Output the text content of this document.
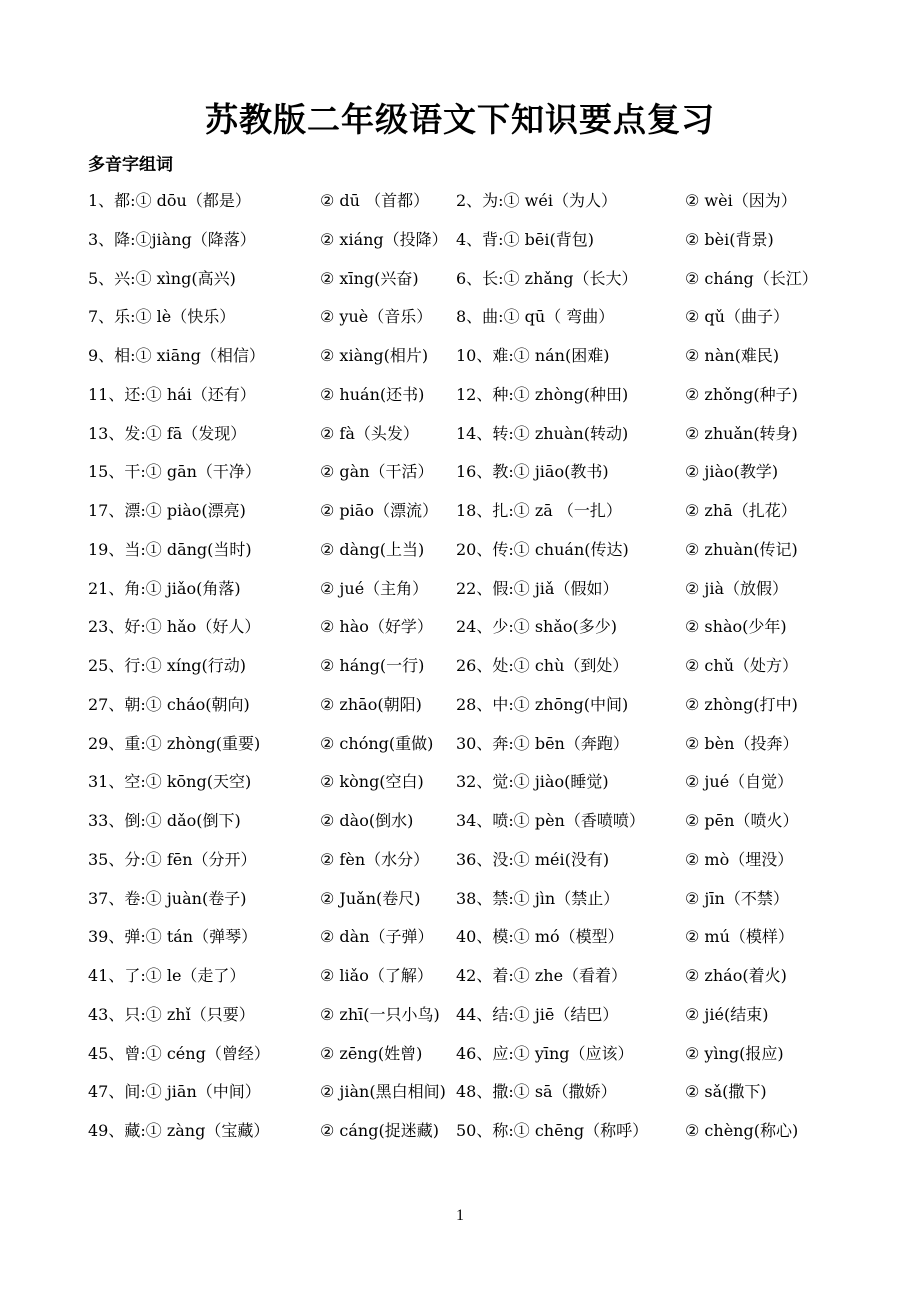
苏教版二年级语文下知识要点复习
多音字组词
1、都:① dōu（都是）	② dū （首都） 2、为:① wéi（为人）	② wèi（因为）
3、降:①jiàng（降落）	② xiáng（投降） 4、背:① bēi(背包)	② bèi(背景)
5、兴:① xìng(高兴)	② xīng(兴奋) 6、长:① zhǎng（长大）	② cháng（长江）
7、乐:① lè（快乐）	② yuè（音乐） 8、曲:① qū（ 弯曲）	② qǔ（曲子）
9、相:① xiāng（相信）	② xiàng(相片) 10、难:① nán(困难)	② nàn(难民)
11、还:① hái（还有）	② huán(还书) 12、种:① zhòng(种田)	② zhǒng(种子)
13、发:① fā（发现）	② fà（头发） 14、转:① zhuàn(转动)	② zhuǎn(转身)
15、干:① gān（干净）	② gàn（干活） 16、教:① jiāo(教书)	② jiào(教学)
17、漂:① piào(漂亮)	② piāo（漂流） 18、扎:① zā （一扎）	② zhā（扎花）
19、当:① dāng(当时)	② dàng(上当) 20、传:① chuán(传达)	② zhuàn(传记)
21、角:① jiǎo(角落)	② jué（主角） 22、假:① jiǎ（假如）	② jià（放假）
23、好:① hǎo（好人）	② hào（好学） 24、少:① shǎo(多少)	② shào(少年)
25、行:① xíng(行动)	② háng(一行) 26、处:① chù（到处）	② chǔ（处方）
27、朝:① cháo(朝向)	② zhāo(朝阳) 28、中:① zhōng(中间)	② zhòng(打中)
29、重:① zhòng(重要)	② chóng(重做) 30、奔:① bēn（奔跑）	② bèn（投奔）
31、空:① kōng(天空)	② kòng(空白) 32、觉:① jiào(睡觉)	② jué（自觉）
33、倒:① dǎo(倒下)	② dào(倒水)	34、喷:① pèn（香喷喷）	② pēn（喷火）
35、分:① fēn（分开）	② fèn（水分） 36、没:① méi(没有)	② mò（埋没）
37、卷:① juàn(卷子)	② Juǎn(卷尺) 38、禁:① jìn（禁止）	② jīn（不禁）
39、弹:① tán（弹琴）	② dàn（子弹） 40、模:① mó（模型）	② mú（模样）
41、了:① le（走了）	② liǎo（了解） 42、着:① zhe（看着）	② zháo(着火)
43、只:① zhǐ（只要）	② zhī(一只小鸟) 44、结:① jiē（结巴）	② jié(结束)
45、曾:① céng（曾经）	② zēng(姓曾) 46、应:① yīng（应该）	② yìng(报应)
47、间:① jiān（中间）	② jiàn(黑白相间) 48、撒:① sā（撒娇）	② sǎ(撒下)
49、藏:① zàng（宝藏）	② cáng(捉迷藏) 50、称:① chēng（称呼） ② chèng(称心)
1
